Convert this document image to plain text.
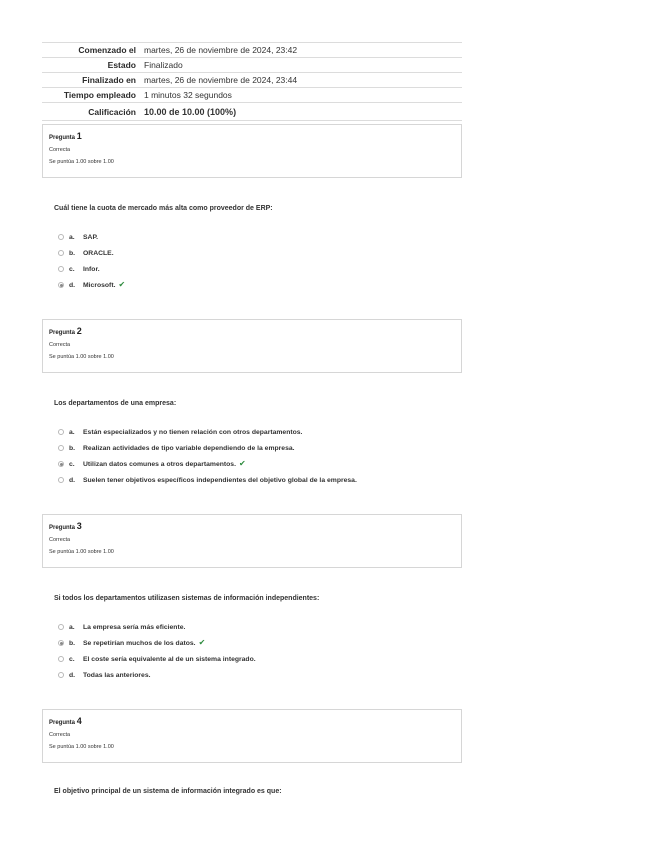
Comenzado el	martes, 26 de noviembre de 2024, 23:42
Estado	Finalizado
Finalizado en	martes, 26 de noviembre de 2024, 23:44
Tiempo empleado	1 minutos 32 segundos
Calificación	10.00 de 10.00 (100%)
Pregunta 1
Correcta
Se puntúa 1.00 sobre 1.00
Cuál tiene la cuota de mercado más alta como proveedor de ERP:
a.	SAP.
b.	ORACLE.
c.	Infor.
d.	Microsoft. ✔
Pregunta 2
Correcta
Se puntúa 1.00 sobre 1.00
Los departamentos de una empresa:
a.	Están especializados y no tienen relación con otros departamentos.
b.	Realizan actividades de tipo variable dependiendo de la empresa.
c.	Utilizan datos comunes a otros departamentos. ✔
d.	Suelen tener objetivos específicos independientes del objetivo global de la empresa.
Pregunta 3
Correcta
Se puntúa 1.00 sobre 1.00
Si todos los departamentos utilizasen sistemas de información independientes:
a.	La empresa sería más eficiente.
b.	Se repetirían muchos de los datos. ✔
c.	El coste sería equivalente al de un sistema integrado.
d.	Todas las anteriores.
Pregunta 4
Correcta
Se puntúa 1.00 sobre 1.00
El objetivo principal de un sistema de información integrado es que:
